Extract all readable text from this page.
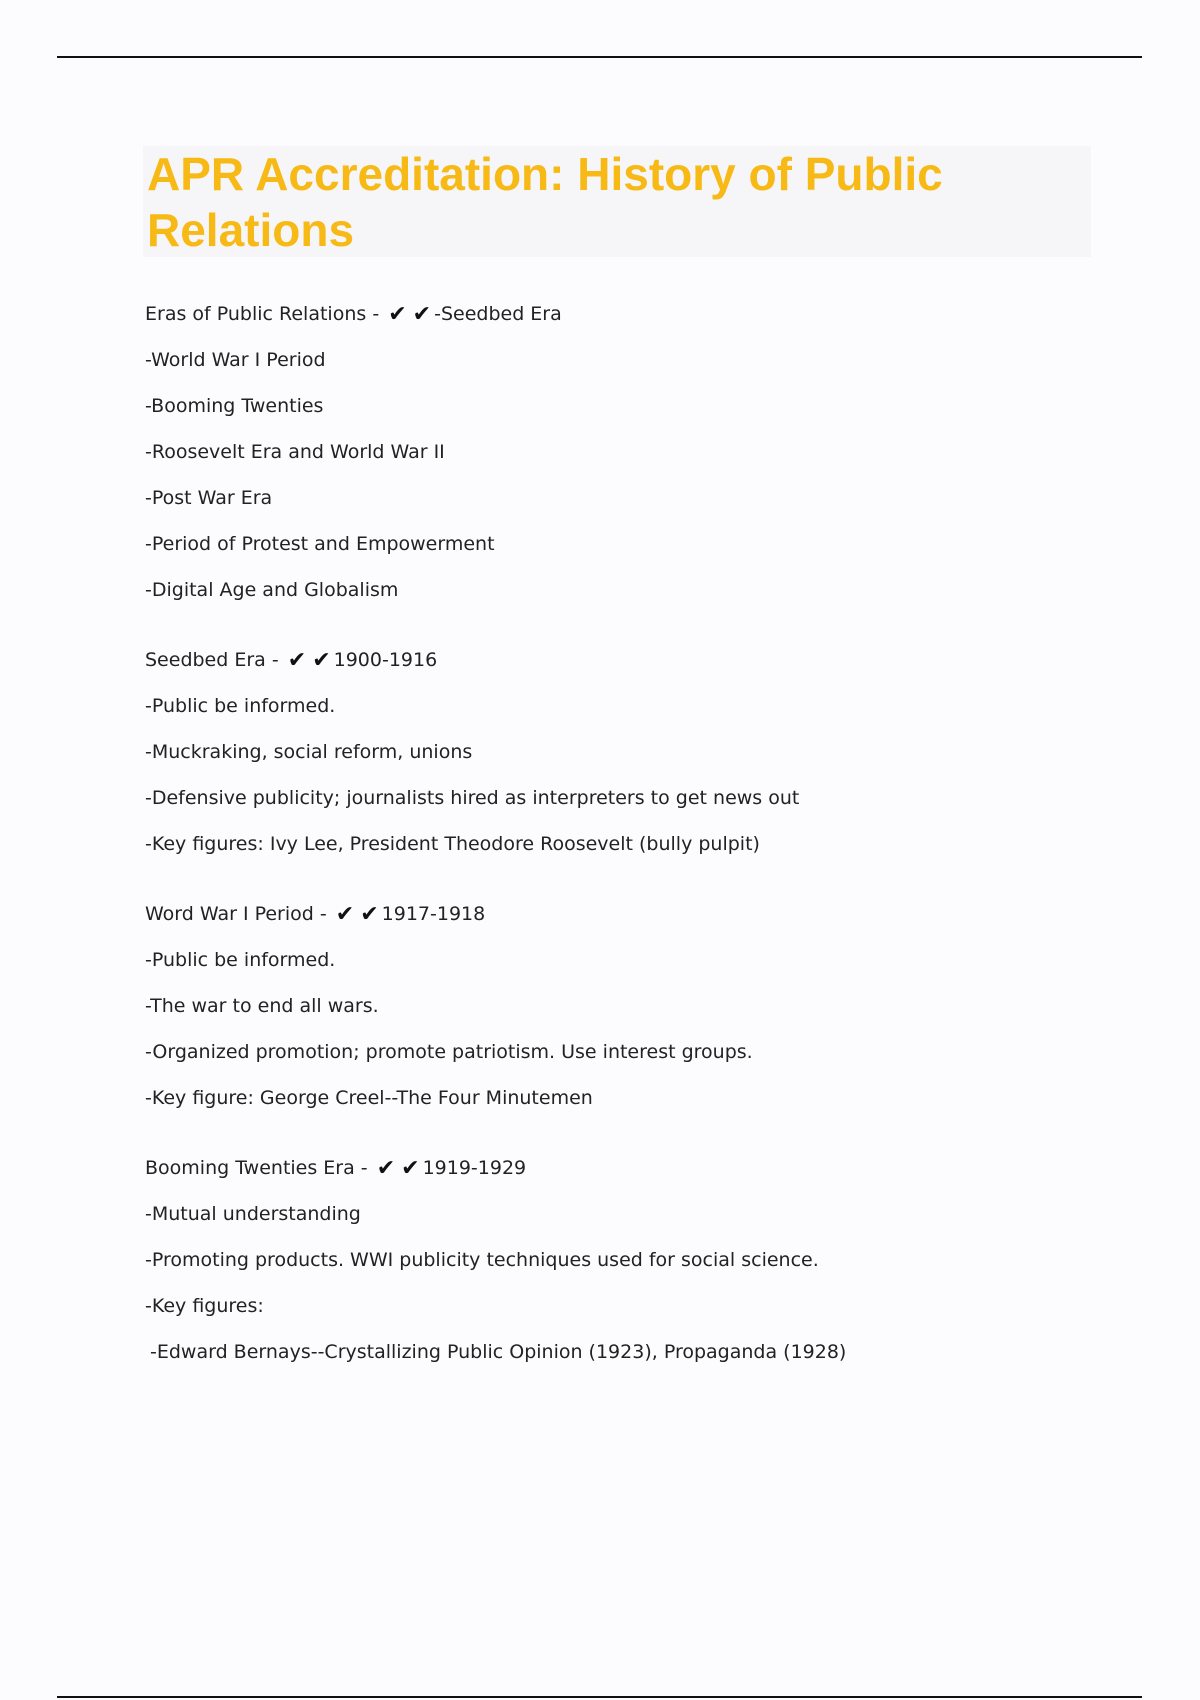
APR Accreditation: History of Public Relations
Eras of Public Relations - ✔ ✔ -Seedbed Era
-World War I Period
-Booming Twenties
-Roosevelt Era and World War II
-Post War Era
-Period of Protest and Empowerment
-Digital Age and Globalism
Seedbed Era - ✔ ✔ 1900-1916
-Public be informed.
-Muckraking, social reform, unions
-Defensive publicity; journalists hired as interpreters to get news out
-Key figures: Ivy Lee, President Theodore Roosevelt (bully pulpit)
Word War I Period - ✔ ✔ 1917-1918
-Public be informed.
-The war to end all wars.
-Organized promotion; promote patriotism. Use interest groups.
-Key figure: George Creel--The Four Minutemen
Booming Twenties Era - ✔ ✔ 1919-1929
-Mutual understanding
-Promoting products. WWI publicity techniques used for social science.
-Key figures:
-Edward Bernays--Crystallizing Public Opinion (1923), Propaganda (1928)
